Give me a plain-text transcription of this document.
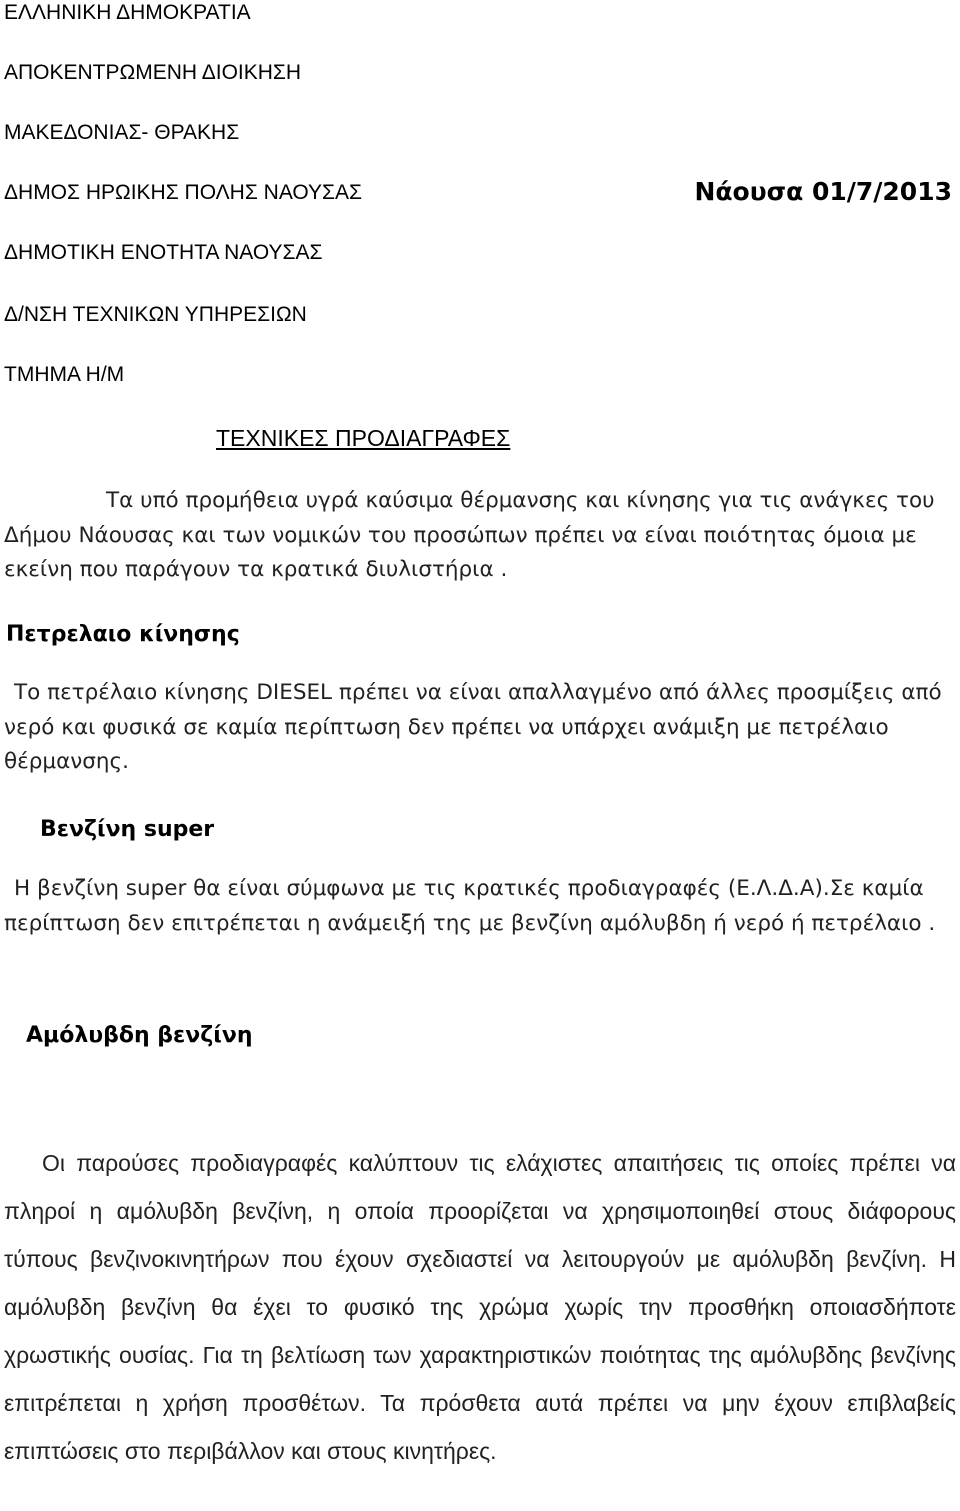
ΕΛΛΗΝΙΚΗ ΔΗΜΟΚΡΑΤΙΑ

ΑΠΟΚΕΝΤΡΩΜΕΝΗ ΔΙΟΙΚΗΣΗ

ΜΑΚΕΔΟΝΙΑΣ- ΘΡΑΚΗΣ

ΔΗΜΟΣ ΗΡΩΙΚΗΣ ΠΟΛΗΣ ΝΑΟΥΣΑΣ	Νάουσα 01/7/2013

ΔΗΜΟΤΙΚΗ ΕΝΟΤΗΤΑ ΝΑΟΥΣΑΣ

Δ/ΝΣΗ ΤΕΧΝΙΚΩΝ ΥΠΗΡΕΣΙΩΝ

ΤΜΗΜΑ Η/Μ

ΤΕΧΝΙΚΕΣ ΠΡΟΔΙΑΓΡΑΦΕΣ

Τα υπό προμήθεια υγρά καύσιμα θέρμανσης και κίνησης για τις ανάγκες του Δήμου Νάουσας και των νομικών του προσώπων πρέπει να είναι ποιότητας όμοια με εκείνη που παράγουν τα κρατικά διυλιστήρια .

Πετρελαιο κίνησης

Το πετρέλαιο κίνησης DIESEL πρέπει να είναι απαλλαγμένο από άλλες προσμίξεις από νερό και φυσικά σε καμία περίπτωση δεν πρέπει να υπάρχει ανάμιξη με πετρέλαιο θέρμανσης.

Βενζίνη super

Η βενζίνη super θα είναι σύμφωνα με τις κρατικές προδιαγραφές (Ε.Λ.Δ.Α).Σε καμία περίπτωση δεν επιτρέπεται η ανάμειξή της με βενζίνη αμόλυβδη ή νερό ή πετρέλαιο .

Αμόλυβδη βενζίνη

Οι παρούσες προδιαγραφές καλύπτουν τις ελάχιστες απαιτήσεις τις οποίες πρέπει να πληροί η αμόλυβδη βενζίνη, η οποία προορίζεται να χρησιμοποιηθεί στους διάφορους τύπους βενζινοκινητήρων που έχουν σχεδιαστεί να λειτουργούν με αμόλυβδη βενζίνη. Η αμόλυβδη βενζίνη θα έχει το φυσικό της χρώμα χωρίς την προσθήκη οποιασδήποτε χρωστικής ουσίας. Για τη βελτίωση των χαρακτηριστικών ποιότητας της αμόλυβδης βενζίνης επιτρέπεται η χρήση προσθέτων. Τα πρόσθετα αυτά πρέπει να μην έχουν επιβλαβείς επιπτώσεις στο περιβάλλον και στους κινητήρες.
